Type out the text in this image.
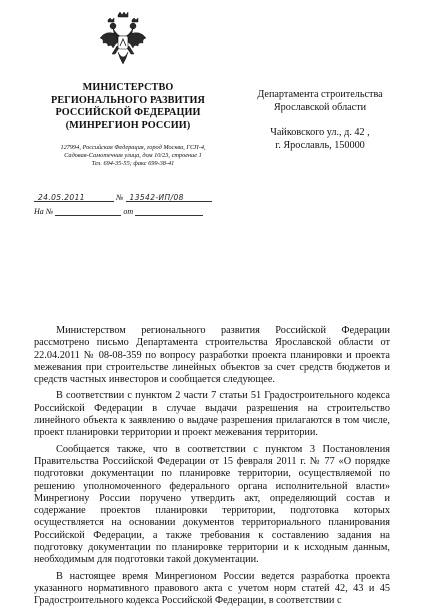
МИНИСТЕРСТВО
РЕГИОНАЛЬНОГО РАЗВИТИЯ
РОССИЙСКОЙ ФЕДЕРАЦИИ
(МИНРЕГИОН РОССИИ)
127994, Российская Федерация, город Москва, ГСП-4,
Садовая-Самотечная улица, дом 10/23, строение 1
Тел. 694-35-55; факс 699-38-41
Департамента строительства
Ярославской области
Чайковского ул., д. 42 ,
г. Ярославль, 150000
24.05.2011	№ 13542-ИП/08
На №	от

Министерством регионального развития Российской Федерации рассмотрено письмо Департамента строительства Ярославской области от 22.04.2011 № 08-08-359 по вопросу разработки проекта планировки и проекта межевания при строительстве линейных объектов за счет средств бюджетов и средств частных инвесторов и сообщается следующее.

В соответствии с пунктом 2 части 7 статьи 51 Градостроительного кодекса Российской Федерации в случае выдачи разрешения на строительство линейного объекта к заявлению о выдаче разрешения прилагаются в том числе, проект планировки территории и проект межевания территории.

Сообщается также, что в соответствии с пунктом 3 Постановления Правительства Российской Федерации от 15 февраля 2011 г. № 77 «О порядке подготовки документации по планировке территории, осуществляемой по решению уполномоченного федерального органа исполнительной власти» Минрегиону России поручено утвердить акт, определяющий состав и содержание проектов планировки территории, подготовка которых осуществляется на основании документов территориального планирования Российской Федерации, а также требования к составлению задания на подготовку документации по планировке территории и к исходным данным, необходимым для подготовки такой документации.

В настоящее время Минрегионом России ведется разработка проекта указанного нормативного правового акта с учетом норм статей 42, 43 и 45 Градостроительного кодекса Российской Федерации, в соответствии с
